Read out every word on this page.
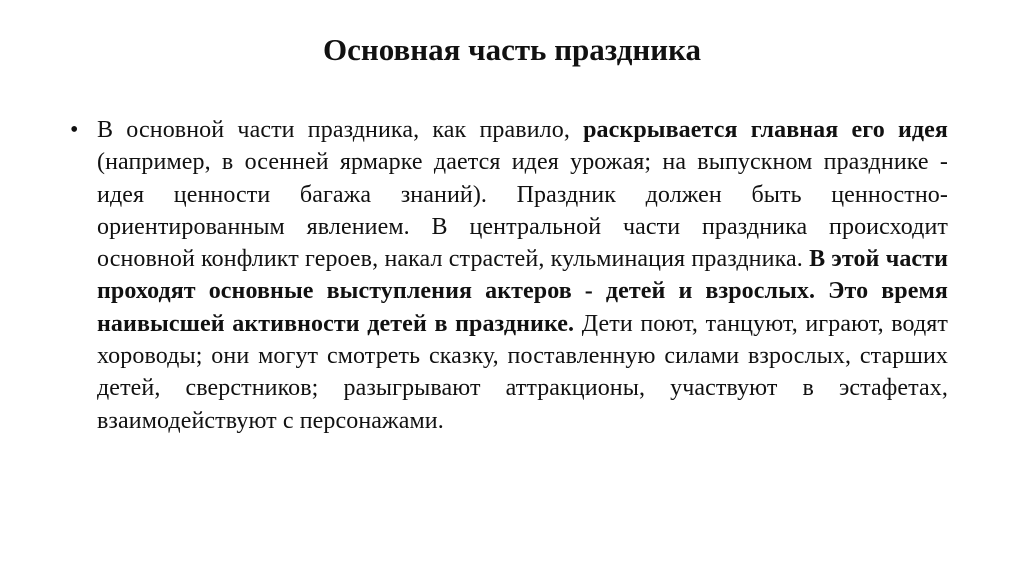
Основная часть праздника
• В основной части праздника, как правило, раскрывается главная его идея (например, в осенней ярмарке дается идея урожая; на выпускном празднике - идея ценности багажа знаний). Праздник должен быть ценностно-ориентированным явлением. В центральной части праздника происходит основной конфликт героев, накал страстей, кульминация праздника. В этой части проходят основные выступления актеров - детей и взрослых. Это время наивысшей активности детей в празднике. Дети поют, танцуют, играют, водят хороводы; они могут смотреть сказку, поставленную силами взрослых, старших детей, сверстников; разыгрывают аттракционы, участвуют в эстафетах, взаимодействуют с персонажами.
